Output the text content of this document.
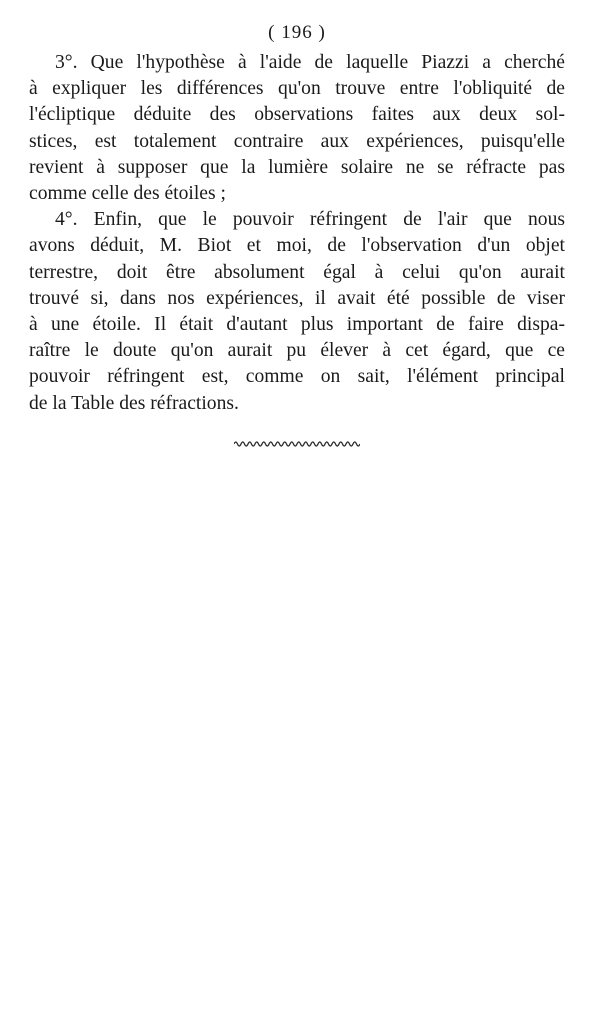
( 196 )
3°. Que l'hypothèse à l'aide de laquelle Piazzi a cherché
à expliquer les différences qu'on trouve entre l'obliquité de
l'écliptique déduite des observations faites aux deux sol-
stices, est totalement contraire aux expériences, puisqu'elle
revient à supposer que la lumière solaire ne se réfracte pas
comme celle des étoiles ;
4°. Enfin, que le pouvoir réfringent de l'air que nous
avons déduit, M. Biot et moi, de l'observation d'un objet
terrestre, doit être absolument égal à celui qu'on aurait
trouvé si, dans nos expériences, il avait été possible de viser
à une étoile. Il était d'autant plus important de faire dispa-
raître le doute qu'on aurait pu élever à cet égard, que ce
pouvoir réfringent est, comme on sait, l'élément principal
de la Table des réfractions.
